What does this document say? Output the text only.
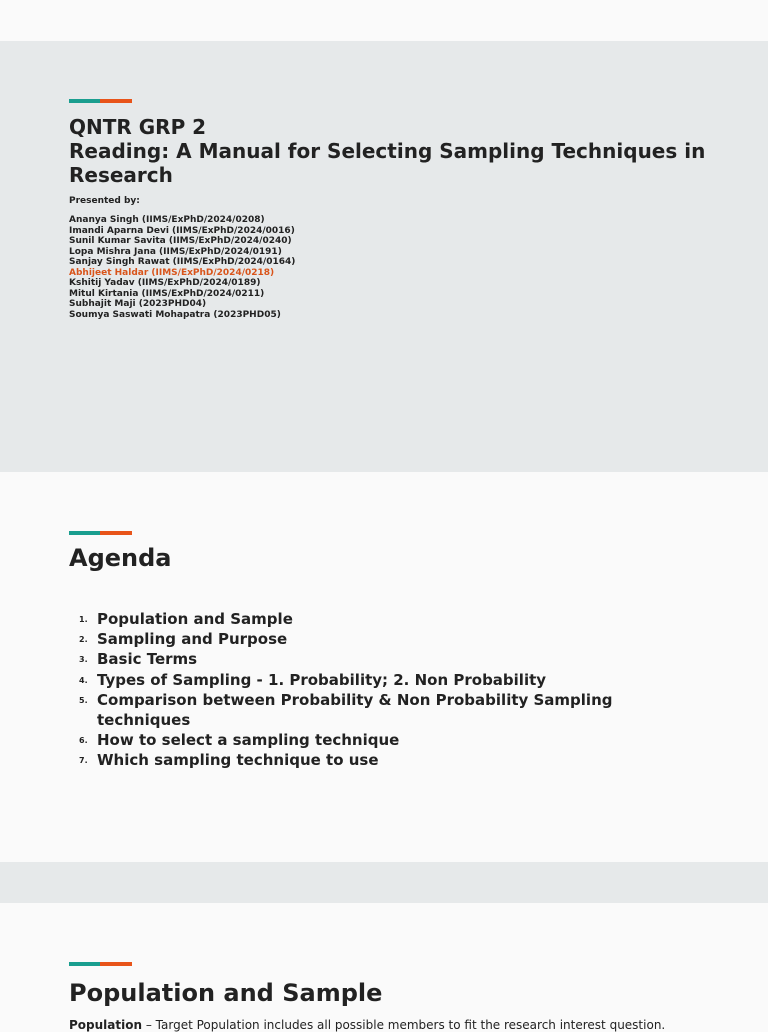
QNTR GRP 2
Reading: A Manual for Selecting Sampling Techniques in Research
Presented by:
Ananya Singh (IIMS/ExPhD/2024/0208)
Imandi Aparna Devi (IIMS/ExPhD/2024/0016)
Sunil Kumar Savita (IIMS/ExPhD/2024/0240)
Lopa Mishra Jana (IIMS/ExPhD/2024/0191)
Sanjay Singh Rawat (IIMS/ExPhD/2024/0164)
Abhijeet Haldar (IIMS/ExPhD/2024/0218)
Kshitij Yadav (IIMS/ExPhD/2024/0189)
Mitul Kirtania (IIMS/ExPhD/2024/0211)
Subhajit Maji (2023PHD04)
Soumya Saswati Mohapatra (2023PHD05)
Agenda
1. Population and Sample
2. Sampling and Purpose
3. Basic Terms
4. Types of Sampling - 1. Probability; 2. Non Probability
5. Comparison between Probability & Non Probability Sampling techniques
6. How to select a sampling technique
7. Which sampling technique to use
Population and Sample
Population – Target Population includes all possible members to fit the research interest question.
